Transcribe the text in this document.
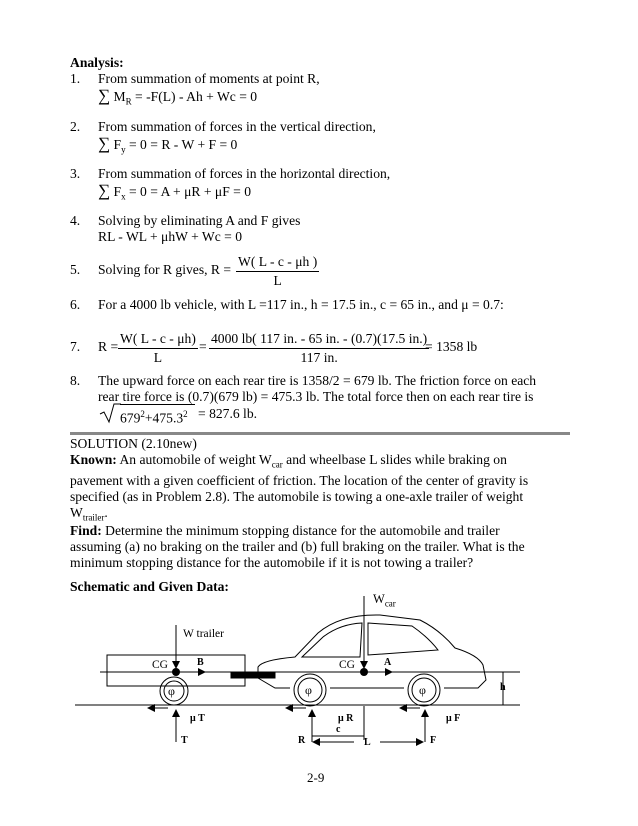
Analysis:
1. From summation of moments at point R,
∑ $M_R = -F(L) - Ah + Wc = 0$
2. From summation of forces in the vertical direction,
∑ $F_y = 0 = R - W + F = 0$
3. From summation of forces in the horizontal direction,
∑ $F_x = 0 = A + \mu R + \mu F = 0$
4. Solving by eliminating A and F gives
RL - WL + μhW + Wc = 0
5. Solving for R gives, $R = \frac{W( L - c - \mu h )}{L}$
6. For a 4000 lb vehicle, with L =117 in., h = 17.5 in., c = 65 in., and μ = 0.7:
7. $R = \frac{W( L - c - \mu h)}{L} = \frac{4000 lb( 117 in. - 65 in. - (0.7)(17.5 in.)}{117 in.}$
= 1358 lb
8. The upward force on each rear tire is 1358/2 = 679 lb. The friction force on each
rear tire force is (0.7)(679 lb) = 475.3 lb. The total force then on each rear tire is
$679^2+475.3^2 = 827.6$ lb.
SOLUTION (2.10new)
Known: An automobile of weight $W_{car}$ and wheelbase L slides while braking on
pavement with a given coefficient of friction. The location of the center of gravity is
specified (as in Problem 2.8). The automobile is towing a one-axle trailer of weight
$W_{trailer}$.
Find: Determine the minimum stopping distance for the automobile and trailer
assuming (a) no braking on the trailer and (b) full braking on the trailer. What is the
minimum stopping distance for the automobile if it is not towing a trailer?
Schematic and Given Data:
$W_{car}$
W trailer
CG	B	CG	A
h
φ	φ	φ
μ T	μ R	μ F
T	R
c
L	F
2-9
